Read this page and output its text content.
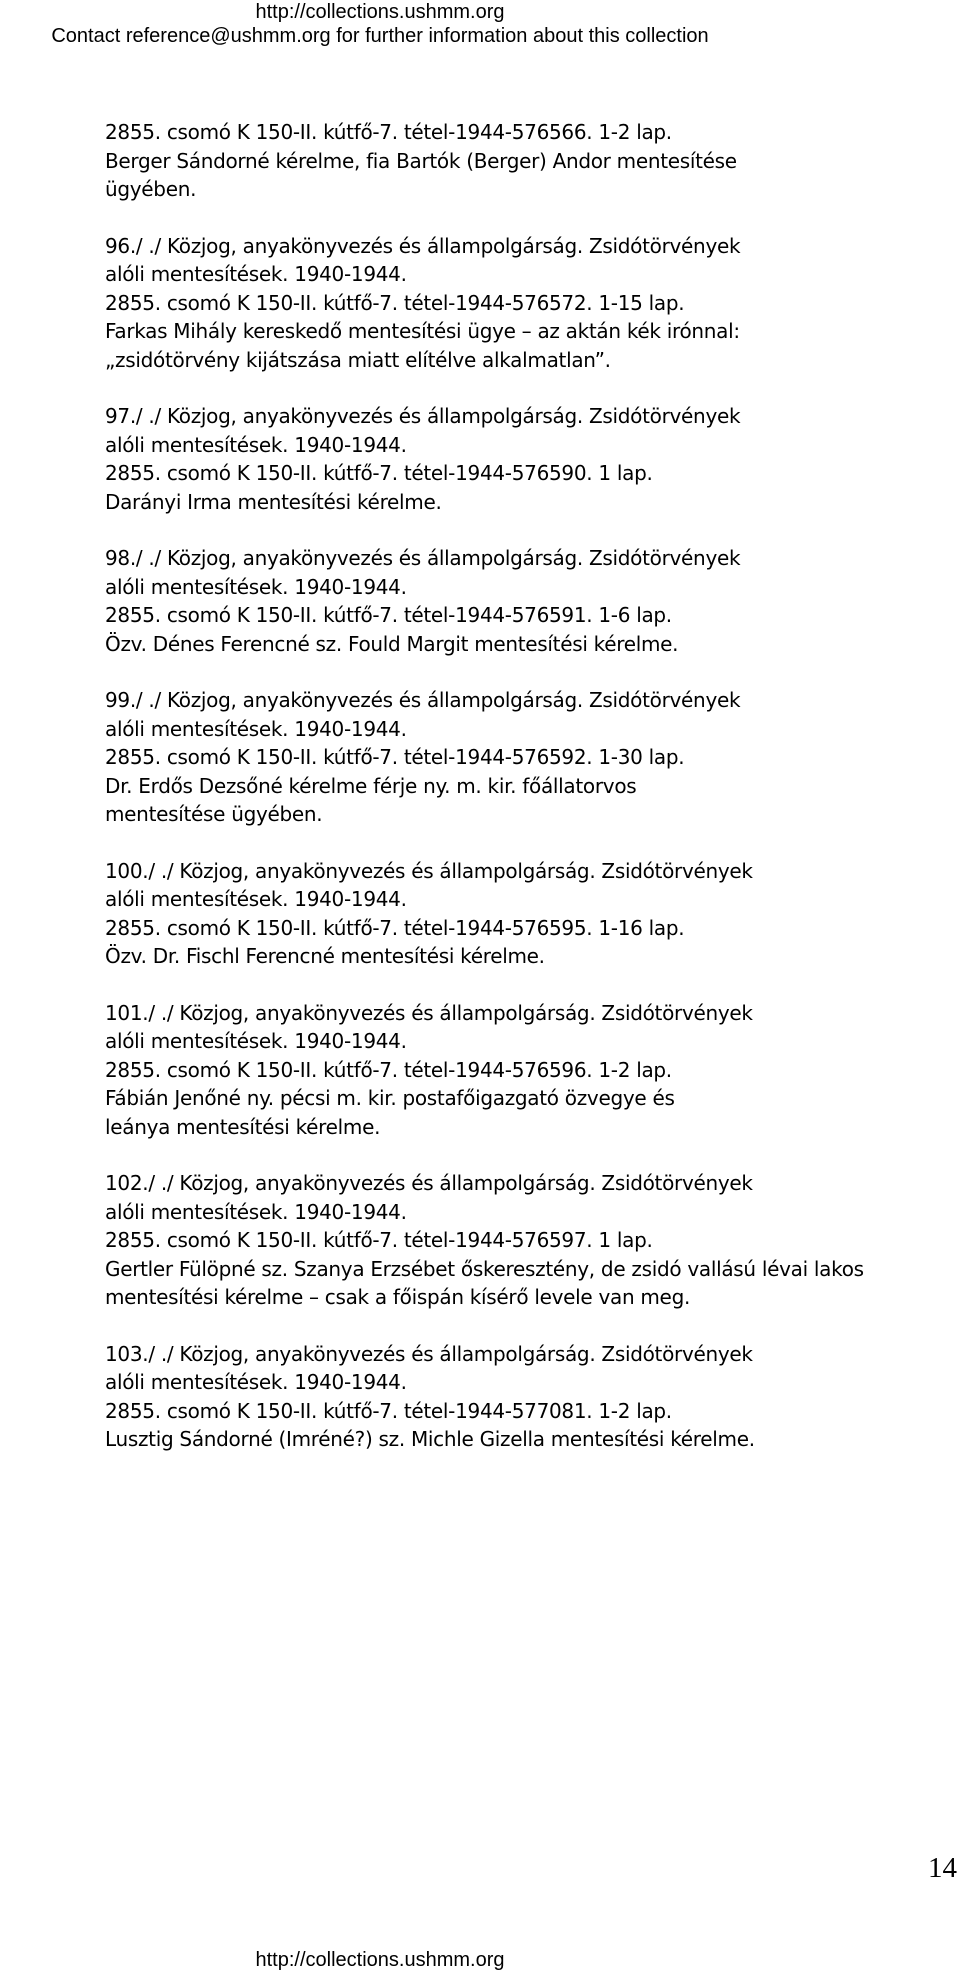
http://collections.ushmm.org
Contact reference@ushmm.org for further information about this collection

2855. csomó K 150-II. kútfő-7. tétel-1944-576566. 1-2 lap.

Berger Sándorné kérelme, fia Bartók (Berger) Andor mentesítése ügyében.

96./ ./ Közjog, anyakönyvezés és állampolgárság. Zsidótörvények alóli mentesítések. 1940-1944.

2855. csomó K 150-II. kútfő-7. tétel-1944-576572. 1-15 lap.

Farkas Mihály kereskedő mentesítési ügye – az aktán kék irónnal: „zsidótörvény kijátszása miatt elítélve alkalmatlan”.

97./ ./ Közjog, anyakönyvezés és állampolgárság. Zsidótörvények alóli mentesítések. 1940-1944.

2855. csomó K 150-II. kútfő-7. tétel-1944-576590. 1 lap.

Darányi Irma mentesítési kérelme.

98./ ./ Közjog, anyakönyvezés és állampolgárság. Zsidótörvények alóli mentesítések. 1940-1944.

2855. csomó K 150-II. kútfő-7. tétel-1944-576591. 1-6 lap.

Özv. Dénes Ferencné sz. Fould Margit mentesítési kérelme.

99./ ./ Közjog, anyakönyvezés és állampolgárság. Zsidótörvények alóli mentesítések. 1940-1944.

2855. csomó K 150-II. kútfő-7. tétel-1944-576592. 1-30 lap.

Dr. Erdős Dezsőné kérelme férje ny. m. kir. főállatorvos mentesítése ügyében.

100./ ./ Közjog, anyakönyvezés és állampolgárság. Zsidótörvények alóli mentesítések. 1940-1944.

2855. csomó K 150-II. kútfő-7. tétel-1944-576595. 1-16 lap.

Özv. Dr. Fischl Ferencné mentesítési kérelme.

101./ ./ Közjog, anyakönyvezés és állampolgárság. Zsidótörvények alóli mentesítések. 1940-1944.

2855. csomó K 150-II. kútfő-7. tétel-1944-576596. 1-2 lap.

Fábián Jenőné ny. pécsi m. kir. postafőigazgató özvegye és leánya mentesítési kérelme.

102./ ./ Közjog, anyakönyvezés és állampolgárság. Zsidótörvények alóli mentesítések. 1940-1944.

2855. csomó K 150-II. kútfő-7. tétel-1944-576597. 1 lap.

Gertler Fülöpné sz. Szanya Erzsébet őskeresztény, de zsidó vallású lévai lakos mentesítési kérelme – csak a főispán kísérő levele van meg.

103./ ./ Közjog, anyakönyvezés és állampolgárság. Zsidótörvények alóli mentesítések. 1940-1944.

2855. csomó K 150-II. kútfő-7. tétel-1944-577081. 1-2 lap.

Lusztig Sándorné (Imréné?) sz. Michle Gizella mentesítési kérelme.

14
http://collections.ushmm.org
